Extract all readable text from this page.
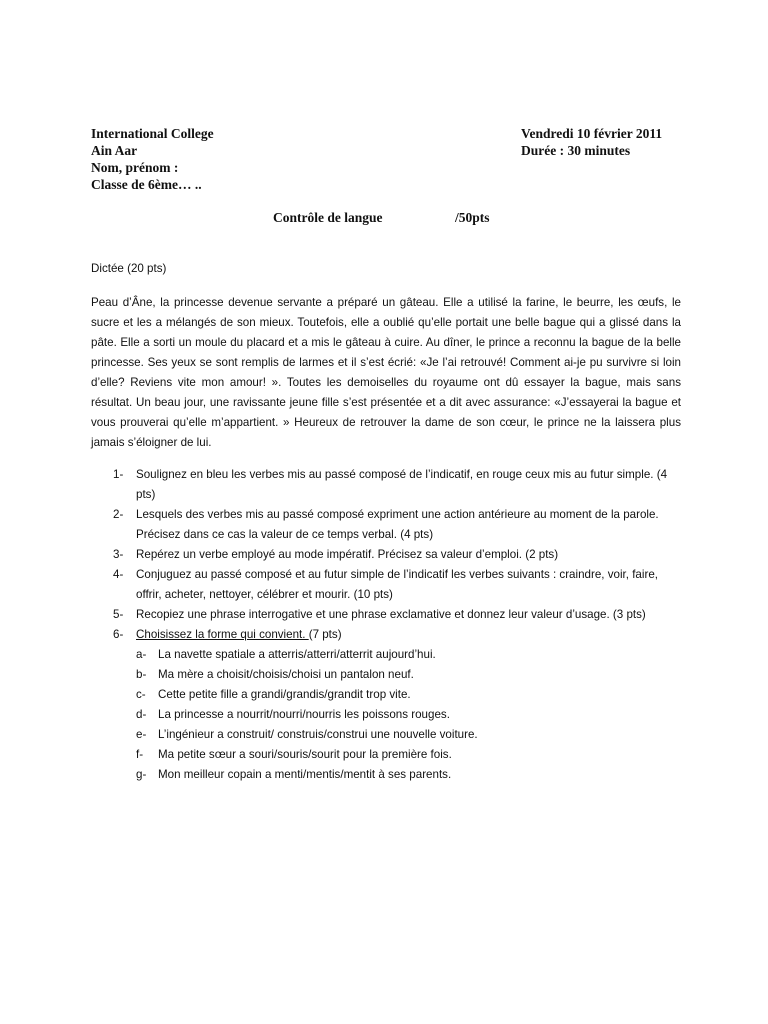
International College	Vendredi 10 février 2011
Ain Aar	Durée : 30 minutes
Nom, prénom :
Classe de 6ème… ..
Contrôle de langue	/50pts
Dictée (20 pts)

Peau d’Âne, la princesse devenue servante a préparé un gâteau. Elle a utilisé la farine, le beurre, les œufs, le sucre et les a mélangés de son mieux. Toutefois, elle a oublié qu’elle portait une belle bague qui a glissé dans la pâte. Elle a sorti un moule du placard et a mis le gâteau à cuire. Au dîner, le prince a reconnu la bague de la belle princesse. Ses yeux se sont remplis de larmes et il s’est écrié: «Je l’ai retrouvé! Comment ai-je pu survivre si loin d’elle? Reviens vite mon amour! ». Toutes les demoiselles du royaume ont dû essayer la bague, mais sans résultat. Un beau jour, une ravissante jeune fille s’est présentée et a dit avec assurance: «J’essayerai la bague et vous prouverai qu’elle m’appartient. » Heureux de retrouver la dame de son cœur, le prince ne la laissera plus jamais s’éloigner de lui.

1- Soulignez en bleu les verbes mis au passé composé de l’indicatif, en rouge ceux mis au futur simple. (4 pts)
2- Lesquels des verbes mis au passé composé expriment une action antérieure au moment de la parole. Précisez dans ce cas la valeur de ce temps verbal. (4 pts)
3- Repérez un verbe employé au mode impératif. Précisez sa valeur d’emploi. (2 pts)
4- Conjuguez au passé composé et au futur simple de l’indicatif les verbes suivants : craindre, voir, faire, offrir, acheter, nettoyer, célébrer et mourir. (10 pts)
5- Recopiez une phrase interrogative et une phrase exclamative et donnez leur valeur d’usage. (3 pts)
6- Choisissez la forme qui convient. (7 pts)
a- La navette spatiale a atterris/atterri/atterrit aujourd’hui.
b- Ma mère a choisit/choisis/choisi un pantalon neuf.
c- Cette petite fille a grandi/grandis/grandit trop vite.
d- La princesse a nourrit/nourri/nourris les poissons rouges.
e- L’ingénieur a construit/ construis/construi une nouvelle voiture.
f- Ma petite sœur a souri/souris/sourit pour la première fois.
g- Mon meilleur copain a menti/mentis/mentit à ses parents.
